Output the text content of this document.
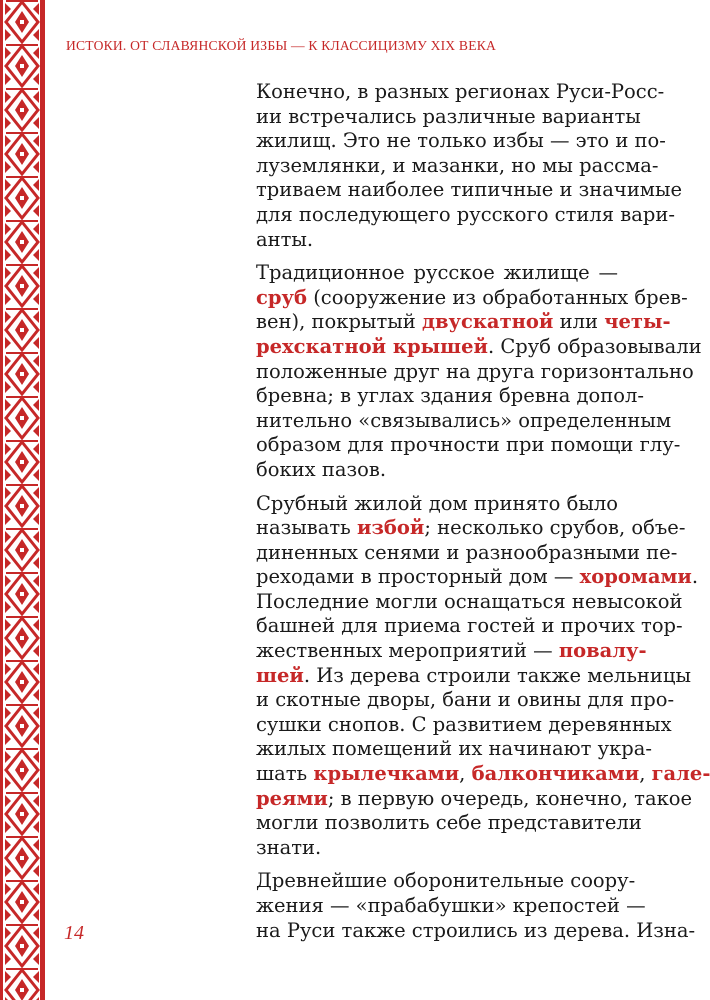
ИСТОКИ. ОТ СЛАВЯНСКОЙ ИЗБЫ — К КЛАССИЦИЗМУ XIX ВЕКА

Конечно, в разных регионах Руси-Росс-
ии встречались различные варианты
жилищ. Это не только избы — это и по-
луземлянки, и мазанки, но мы рассма-
триваем наиболее типичные и значимые
для последующего русского стиля вари-
анты.

Традиционное русское жилище —
сруб (сооружение из обработанных брев-
вен), покрытый двускатной или четы-
рехскатной крышей. Сруб образовывали
положенные друг на друга горизонтально
бревна; в углах здания бревна допол-
нительно «связывались» определенным
образом для прочности при помощи глу-
боких пазов.

Срубный жилой дом принято было
называть избой; несколько срубов, объе-
диненных сенями и разнообразными пе-
реходами в просторный дом — хоромами.
Последние могли оснащаться невысокой
башней для приема гостей и прочих тор-
жественных мероприятий — повалу-
шей. Из дерева строили также мельницы
и скотные дворы, бани и овины для про-
сушки снопов. С развитием деревянных
жилых помещений их начинают укра-
шать крылечками, балкончиками, гале-
реями; в первую очередь, конечно, такое
могли позволить себе представители
знати.

Древнейшие оборонительные соору-
жения — «прабабушки» крепостей —
на Руси также строились из дерева. Изна-

14
